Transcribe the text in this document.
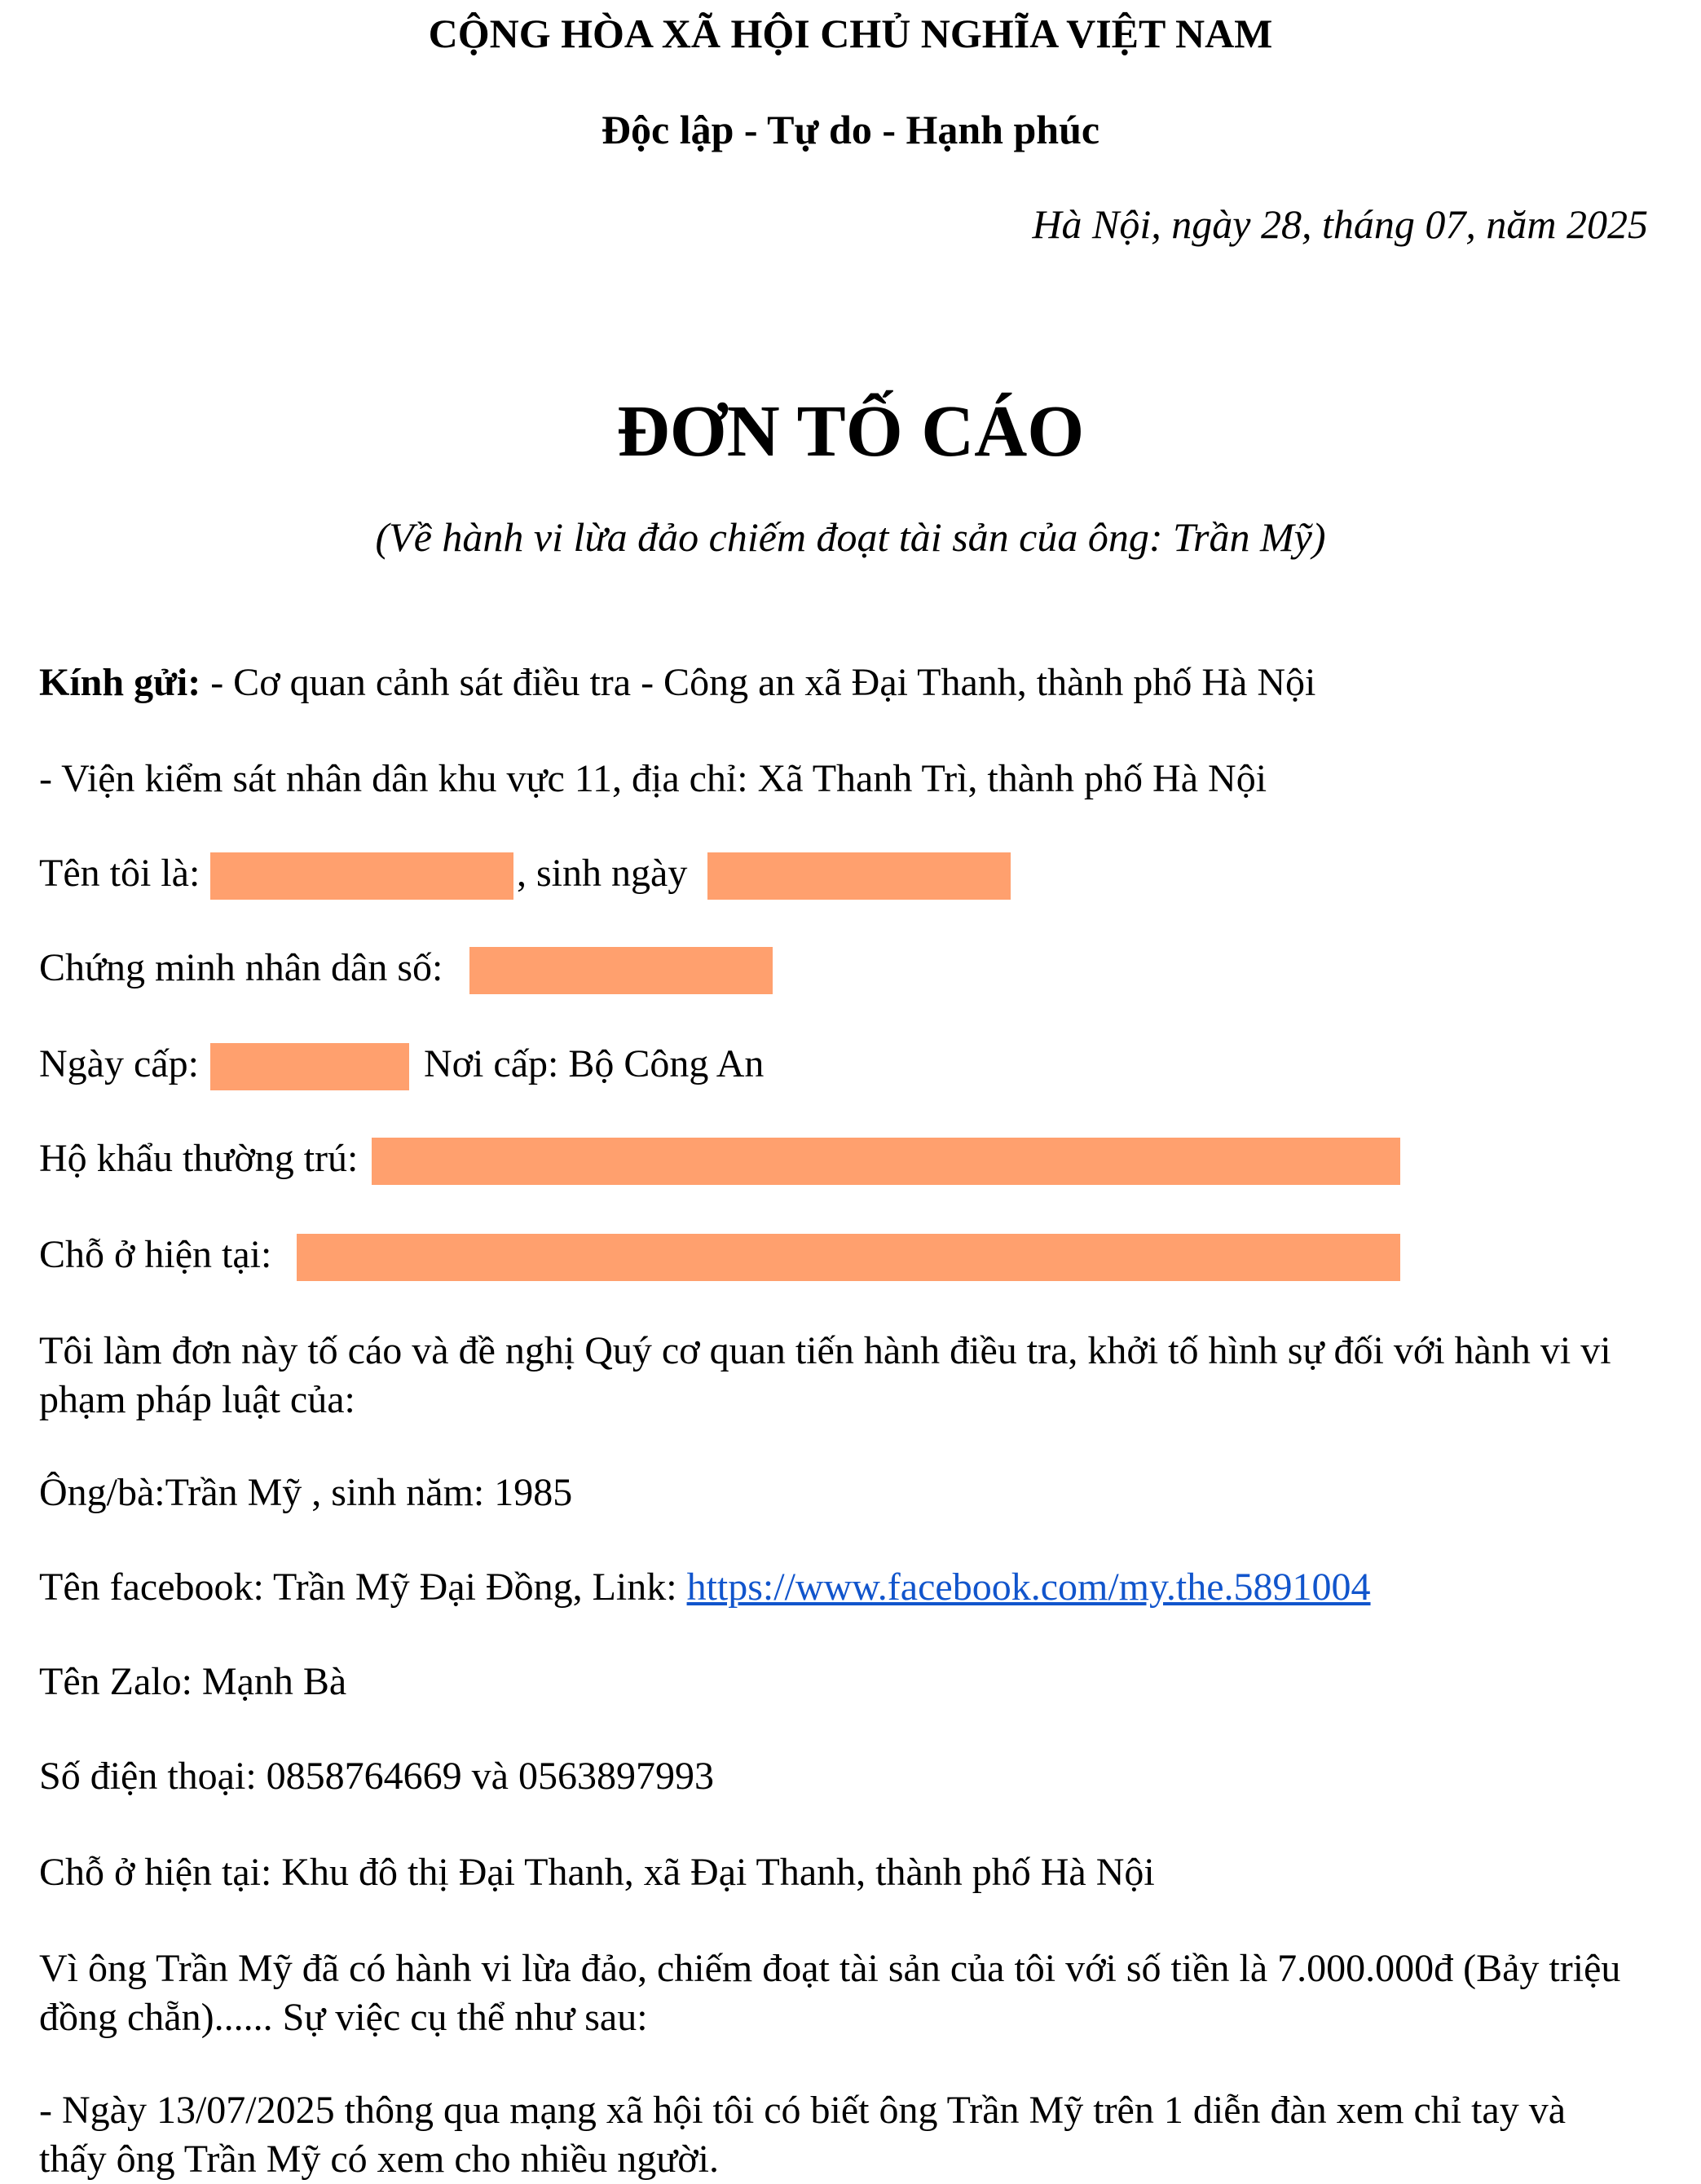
CỘNG HÒA XÃ HỘI CHỦ NGHĨA VIỆT NAM
Độc lập - Tự do - Hạnh phúc
Hà Nội, ngày 28, tháng 07, năm 2025
ĐƠN TỐ CÁO
(Về hành vi lừa đảo chiếm đoạt tài sản của ông: Trần Mỹ)
Kính gửi: - Cơ quan cảnh sát điều tra - Công an xã Đại Thanh, thành phố Hà Nội
- Viện kiểm sát nhân dân khu vực 11, địa chỉ: Xã Thanh Trì, thành phố Hà Nội
Tên tôi là:	, sinh ngày
Chứng minh nhân dân số:
Ngày cấp:	Nơi cấp: Bộ Công An
Hộ khẩu thường trú:
Chỗ ở hiện tại:
Tôi làm đơn này tố cáo và đề nghị Quý cơ quan tiến hành điều tra, khởi tố hình sự đối với hành vi vi phạm pháp luật của:
Ông/bà:Trần Mỹ , sinh năm: 1985
Tên facebook: Trần Mỹ Đại Đồng, Link: https://www.facebook.com/my.the.5891004
Tên Zalo: Mạnh Bà
Số điện thoại: 0858764669 và 0563897993
Chỗ ở hiện tại: Khu đô thị Đại Thanh, xã Đại Thanh, thành phố Hà Nội
Vì ông Trần Mỹ đã có hành vi lừa đảo, chiếm đoạt tài sản của tôi với số tiền là 7.000.000đ (Bảy triệu đồng chẵn)...... Sự việc cụ thể như sau:
- Ngày 13/07/2025 thông qua mạng xã hội tôi có biết ông Trần Mỹ trên 1 diễn đàn xem chỉ tay và thấy ông Trần Mỹ có xem cho nhiều người.
